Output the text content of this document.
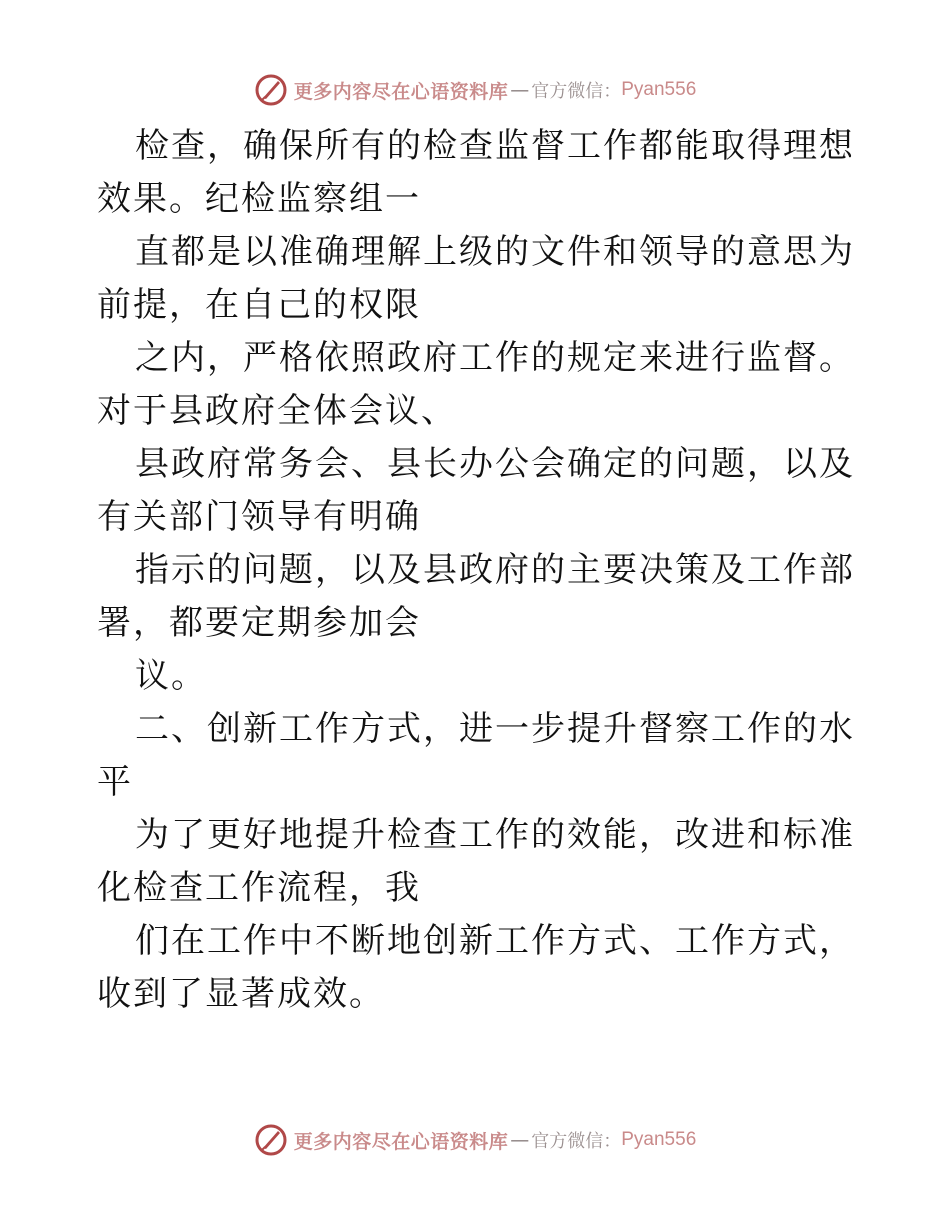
更多内容尽在心语资料库 — 官方微信： Pyan556

检查，确保所有的检查监督工作都能取得理想效果。纪检监察组一

直都是以准确理解上级的文件和领导的意思为前提，在自己的权限

之内，严格依照政府工作的规定来进行监督。对于县政府全体会议、

县政府常务会、县长办公会确定的问题，以及有关部门领导有明确

指示的问题，以及县政府的主要决策及工作部署，都要定期参加会

议。

二、创新工作方式，进一步提升督察工作的水平

为了更好地提升检查工作的效能，改进和标准化检查工作流程，我

们在工作中不断地创新工作方式、工作方式，收到了显著成效。

更多内容尽在心语资料库 — 官方微信： Pyan556
